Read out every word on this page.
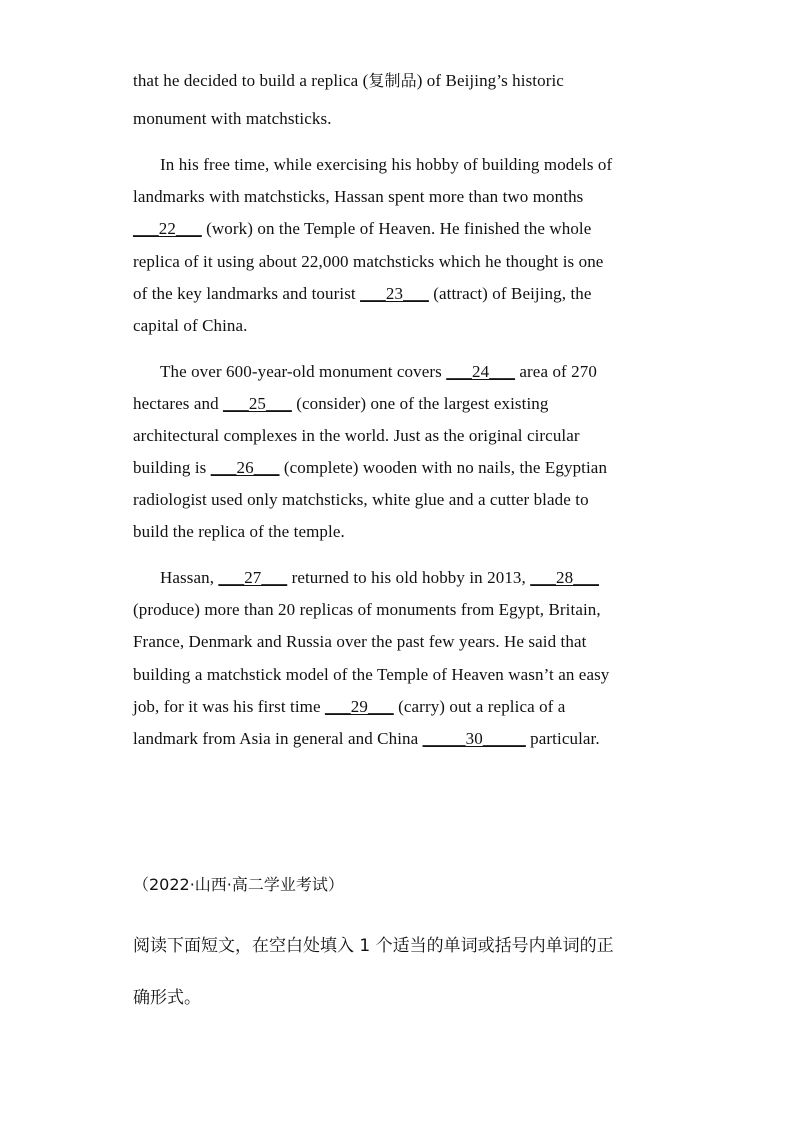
that he decided to build a replica (复制品) of Beijing’s historic
monument with matchsticks.
In his free time, while exercising his hobby of building models of
landmarks with matchsticks, Hassan spent more than two months
___22___ (work) on the Temple of Heaven. He finished the whole
replica of it using about 22,000 matchsticks which he thought is one
of the key landmarks and tourist ___23___ (attract) of Beijing, the
capital of China.
The over 600-year-old monument covers ___24___ area of 270
hectares and ___25___ (consider) one of the largest existing
architectural complexes in the world. Just as the original circular
building is ___26___ (complete) wooden with no nails, the Egyptian
radiologist used only matchsticks, white glue and a cutter blade to
build the replica of the temple.
Hassan, ___27___ returned to his old hobby in 2013, ___28___
(produce) more than 20 replicas of monuments from Egypt, Britain,
France, Denmark and Russia over the past few years. He said that
building a matchstick model of the Temple of Heaven wasn’t an easy
job, for it was his first time ___29___ (carry) out a replica of a
landmark from Asia in general and China _____30_____ particular.
（2022·山西·高二学业考试）
阅读下面短文，在空白处填入 1 个适当的单词或括号内单词的正
确形式。
